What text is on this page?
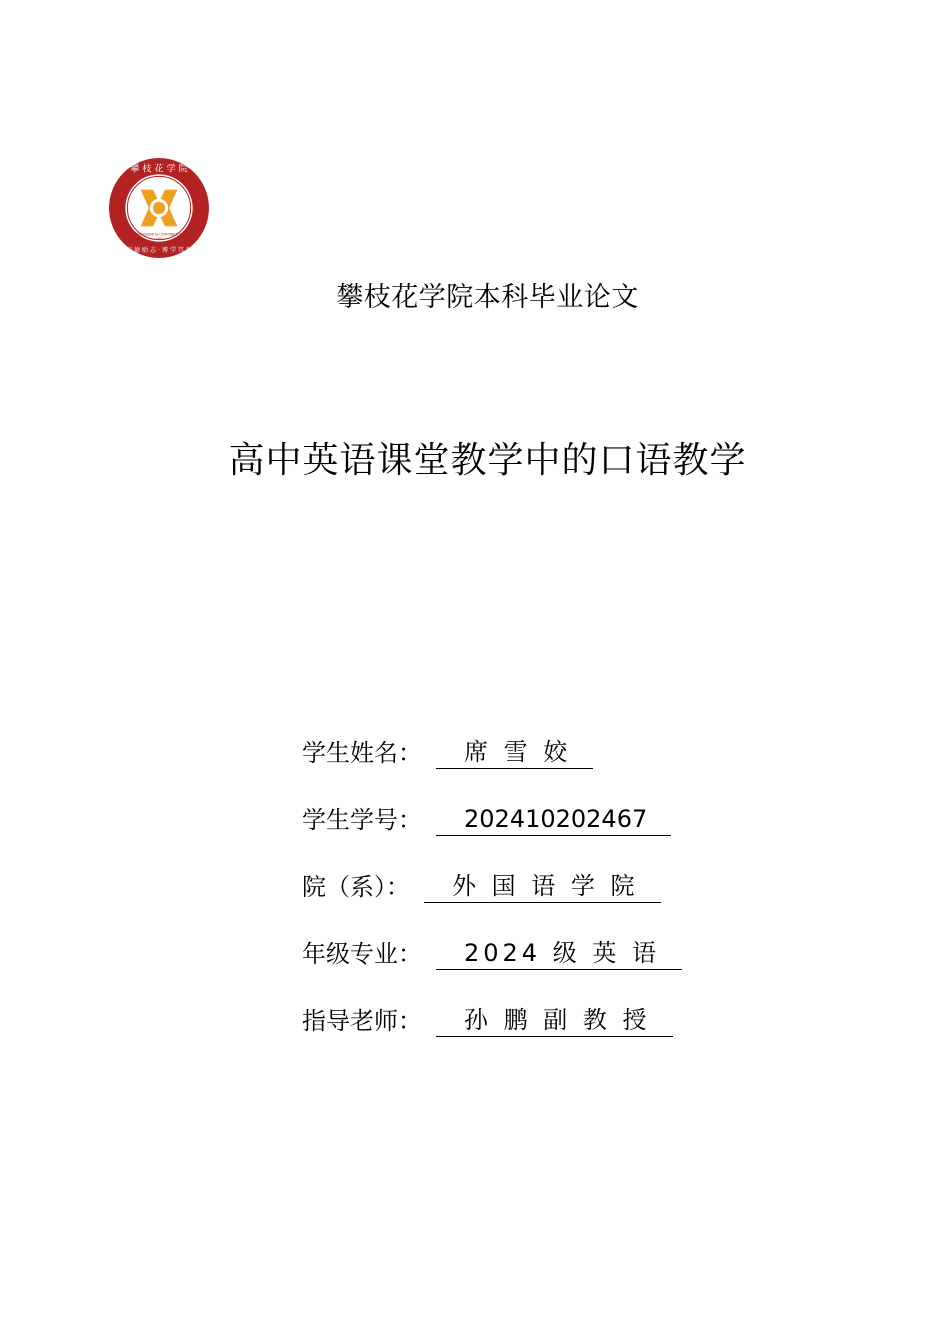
攀 枝 花 学 院
PANZHIHUA UNIVERSITY
1983
明 德 励 志 · 博 学 笃 行
攀枝花学院本科毕业论文
高中英语课堂教学中的口语教学
学生姓名：	席 雪 姣
学生学号：	202410202467
院（系）：	外 国 语 学 院
年级专业：	2024 级 英 语
指导老师：	孙 鹏 副 教 授
